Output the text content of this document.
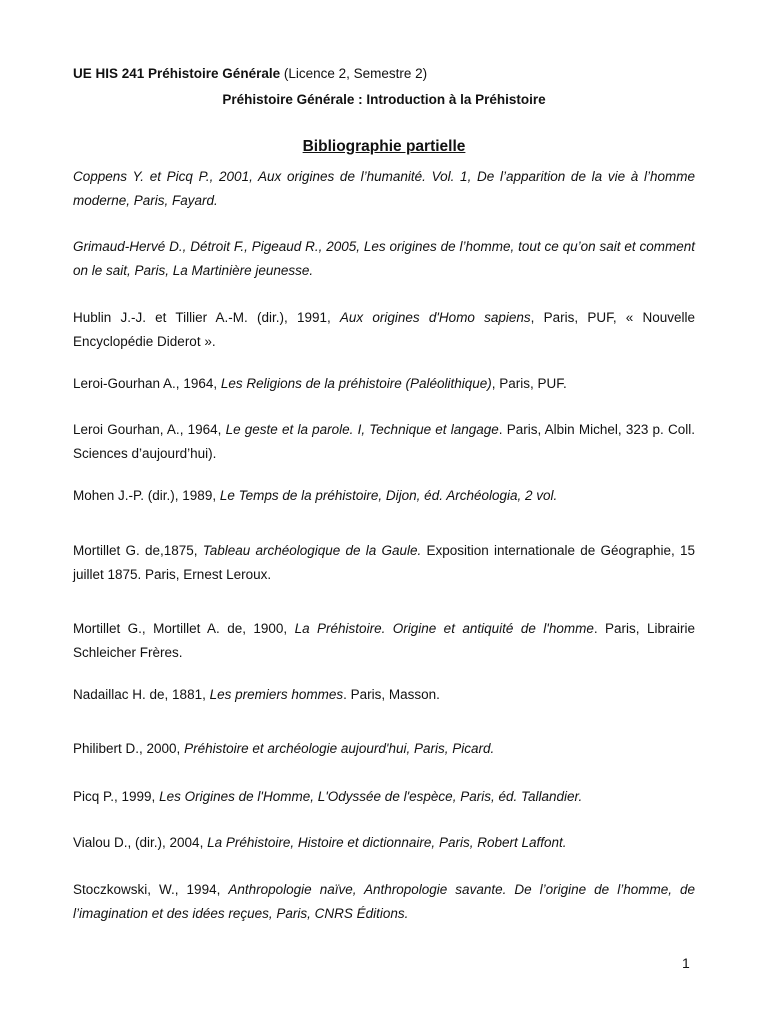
UE HIS 241 Préhistoire Générale (Licence 2, Semestre 2)
Préhistoire Générale : Introduction à la Préhistoire
Bibliographie partielle

Coppens Y. et Picq P., 2001, Aux origines de l’humanité. Vol. 1, De l’apparition de la vie à l’homme moderne, Paris, Fayard.

Grimaud-Hervé D., Détroit F., Pigeaud R., 2005, Les origines de l’homme, tout ce qu’on sait et comment on le sait, Paris, La Martinière jeunesse.

Hublin J.-J. et Tillier A.-M. (dir.), 1991, Aux origines d'Homo sapiens, Paris, PUF, « Nouvelle Encyclopédie Diderot ».

Leroi-Gourhan A., 1964, Les Religions de la préhistoire (Paléolithique), Paris, PUF.

Leroi Gourhan, A., 1964, Le geste et la parole. I, Technique et langage. Paris, Albin Michel, 323 p. Coll. Sciences d’aujourd’hui).

Mohen J.-P. (dir.), 1989, Le Temps de la préhistoire, Dijon, éd. Archéologia, 2 vol.

Mortillet G. de,1875, Tableau archéologique de la Gaule. Exposition internationale de Géographie, 15 juillet 1875. Paris, Ernest Leroux.

Mortillet G., Mortillet A. de, 1900, La Préhistoire. Origine et antiquité de l'homme. Paris, Librairie Schleicher Frères.

Nadaillac H. de, 1881, Les premiers hommes. Paris, Masson.

Philibert D., 2000, Préhistoire et archéologie aujourd'hui, Paris, Picard.

Picq P., 1999, Les Origines de l'Homme, L'Odyssée de l'espèce, Paris, éd. Tallandier.

Vialou D., (dir.), 2004, La Préhistoire, Histoire et dictionnaire, Paris, Robert Laffont.

Stoczkowski, W., 1994, Anthropologie naïve, Anthropologie savante. De l’origine de l’homme, de l’imagination et des idées reçues, Paris, CNRS Éditions.

1
